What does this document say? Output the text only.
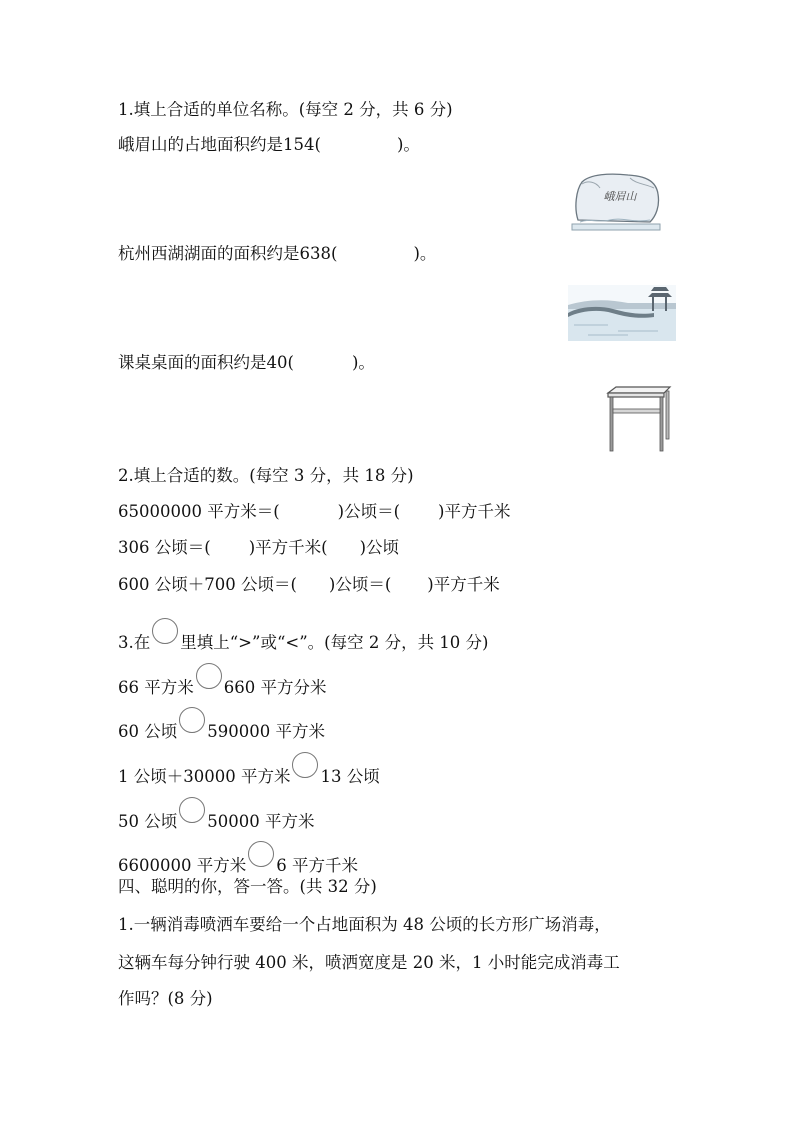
1.填上合适的单位名称。(每空 2 分，共 6 分)
峨眉山的占地面积约是154(	)。
峨眉山
杭州西湖湖面的面积约是638(	)。
课桌桌面的面积约是40(	)。
2.填上合适的数。(每空 3 分，共 18 分)
65000000 平方米＝(	)公顷＝( )平方千米
306 公顷＝( )平方千米( )公顷
600 公顷＋700 公顷＝( )公顷＝( )平方千米
3.在 里填上“>”或“<”。(每空 2 分，共 10 分)
66 平方米 660 平方分米
60 公顷 590000 平方米
1 公顷＋30000 平方米 13 公顷
50 公顷 50000 平方米
6600000 平方米 6 平方千米
四、聪明的你，答一答。(共 32 分)
1.一辆消毒喷洒车要给一个占地面积为 48 公顷的长方形广场消毒，
这辆车每分钟行驶 400 米，喷洒宽度是 20 米，1 小时能完成消毒工
作吗？(8 分)
